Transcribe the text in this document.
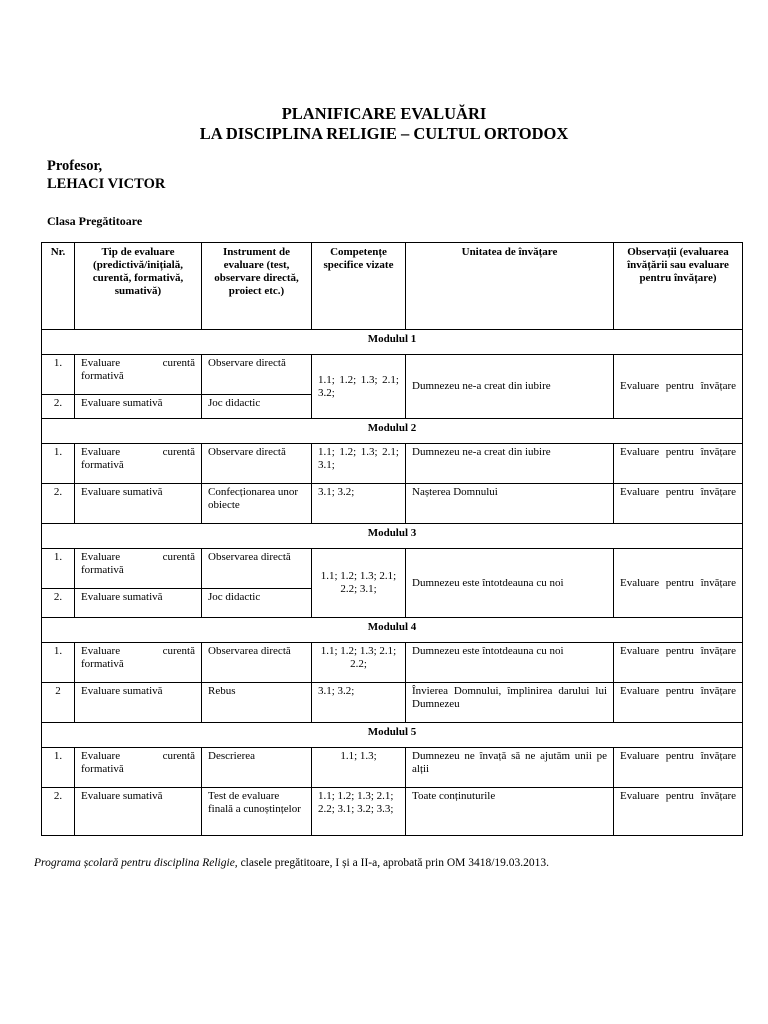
PLANIFICARE EVALUĂRI
LA DISCIPLINA RELIGIE – CULTUL ORTODOX
Profesor,
LEHACI VICTOR
Clasa Pregătitoare
Nr.	Tip de evaluare (predictivă/inițială, curentă, formativă, sumativă)	Instrument de evaluare (test, observare directă, proiect etc.)	Competențe specifice vizate	Unitatea de învățare	Observații (evaluarea învățării sau evaluare pentru învățare)
Modulul 1					
1.	Evaluare curentă formativă	Observare directă	1.1; 1.2; 1.3; 2.1; 3.2;	Dumnezeu ne-a creat din iubire	Evaluare pentru învățare
2.	Evaluare sumativă	Joc didactic			
Modulul 2					
1.	Evaluare curentă formativă	Observare directă	1.1; 1.2; 1.3; 2.1; 3.1;	Dumnezeu ne-a creat din iubire	Evaluare pentru învățare
2.	Evaluare sumativă	Confecționarea unor obiecte	3.1; 3.2;	Nașterea Domnului	Evaluare pentru învățare
Modulul 3					
1.	Evaluare curentă formativă	Observarea directă	1.1; 1.2; 1.3; 2.1; 2.2; 3.1;	Dumnezeu este întotdeauna cu noi	Evaluare pentru învățare
2.	Evaluare sumativă	Joc didactic			
Modulul 4					
1.	Evaluare curentă formativă	Observarea directă	1.1; 1.2; 1.3; 2.1; 2.2;	Dumnezeu este întotdeauna cu noi	Evaluare pentru învățare
2	Evaluare sumativă	Rebus	3.1; 3.2;	Învierea Domnului, împlinirea darului lui Dumnezeu	Evaluare pentru învățare
Modulul 5					
1.	Evaluare curentă formativă	Descrierea	1.1; 1.3;	Dumnezeu ne învață să ne ajutăm unii pe alții	Evaluare pentru învățare
2.	Evaluare sumativă	Test de evaluare finală a cunoștințelor	1.1; 1.2; 1.3; 2.1; 2.2; 3.1; 3.2; 3.3;	Toate conținuturile	Evaluare pentru învățare
Programa școlară pentru disciplina Religie, clasele pregătitoare, I și a II-a, aprobată prin OM 3418/19.03.2013.
